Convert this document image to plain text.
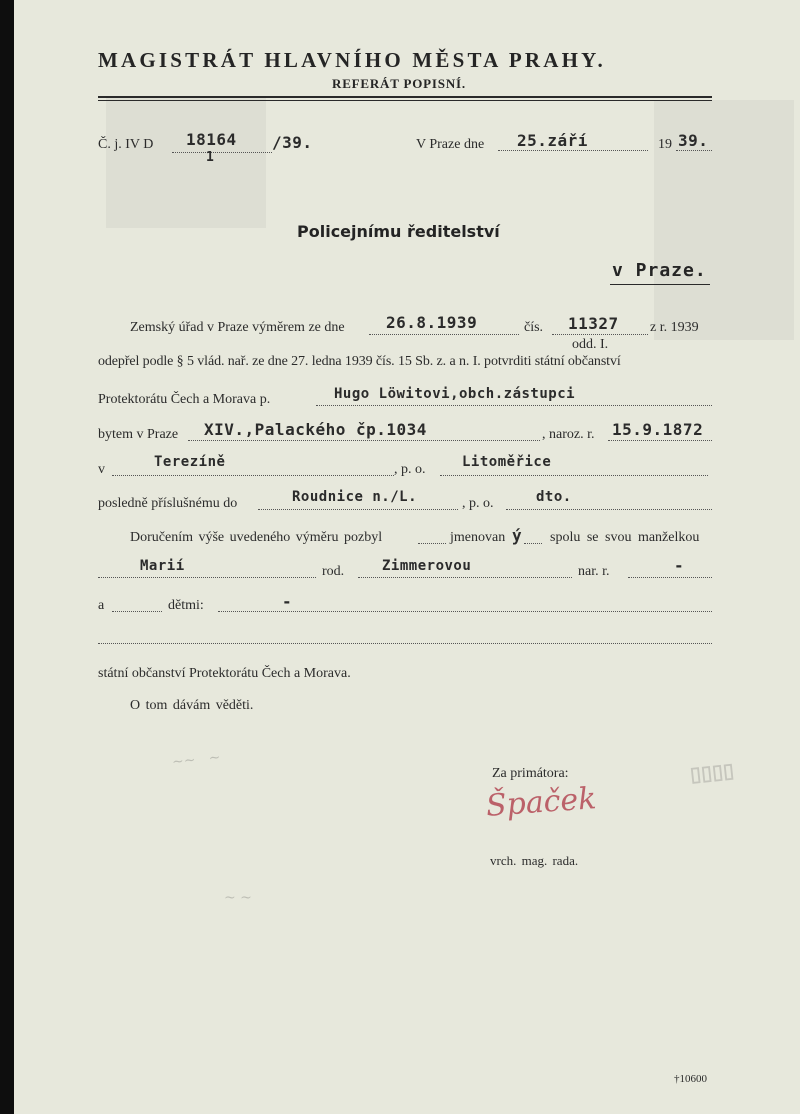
MAGISTRÁT HLAVNÍHO MĚSTA PRAHY.
REFERÁT POPISNÍ.
Č. j. IV D 18164
1
/39.	V Praze dne 25.září	19 39.
Policejnímu ředitelství
v Praze.
Zemský úřad v Praze výměrem ze dne	26.8.1939	čís. 11327 z r. 1939
odd. I.
odepřel podle § 5 vlád. nař. ze dne 27. ledna 1939 čís. 15 Sb. z. a n. I. potvrditi státní občanství
Protektorátu Čech a Morava p.	Hugo Löwitovi,obch.zástupci
bytem v Praze XIV.,Palackého čp.1034	, naroz. r. 15.9.1872
v	Terezíně	, p. o.	Litoměřice
posledně příslušnému do	Roudnice n./L.	, p. o.	dto.
Doručením výše uvedeného výměru pozbyl	jmenovan ý spolu se svou manželkou
Marií	rod.	Zimmerovou	nar. r.	-
a	dětmi:	-
státní občanství Protektorátu Čech a Morava.
O tom dávám věděti.
~~   ~
~ ~
▯▯▯▯
Za primátora:
Špaček
vrch. mag. rada.
†10600
